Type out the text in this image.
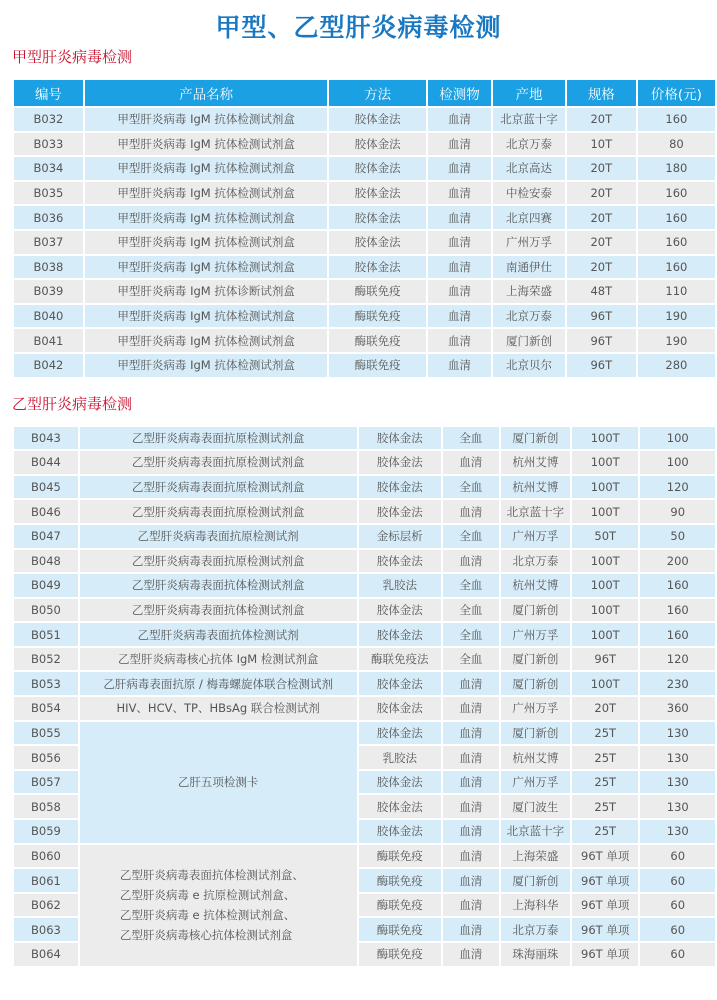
甲型、乙型肝炎病毒检测
甲型肝炎病毒检测
编号	产品名称	方法	检测物	产地	规格	价格(元)
B032	甲型肝炎病毒 IgM 抗体检测试剂盒	胶体金法	血清	北京蓝十字	20T	160
B033	甲型肝炎病毒 IgM 抗体检测试剂盒	胶体金法	血清	北京万泰	10T	80
B034	甲型肝炎病毒 IgM 抗体检测试剂盒	胶体金法	血清	北京高达	20T	180
B035	甲型肝炎病毒 IgM 抗体检测试剂盒	胶体金法	血清	中检安泰	20T	160
B036	甲型肝炎病毒 IgM 抗体检测试剂盒	胶体金法	血清	北京四赛	20T	160
B037	甲型肝炎病毒 IgM 抗体检测试剂盒	胶体金法	血清	广州万孚	20T	160
B038	甲型肝炎病毒 IgM 抗体检测试剂盒	胶体金法	血清	南通伊仕	20T	160
B039	甲型肝炎病毒 IgM 抗体诊断试剂盒	酶联免疫	血清	上海荣盛	48T	110
B040	甲型肝炎病毒 IgM 抗体检测试剂盒	酶联免疫	血清	北京万泰	96T	190
B041	甲型肝炎病毒 IgM 抗体检测试剂盒	酶联免疫	血清	厦门新创	96T	190
B042	甲型肝炎病毒 IgM 抗体检测试剂盒	酶联免疫	血清	北京贝尔	96T	280
乙型肝炎病毒检测
B043	乙型肝炎病毒表面抗原检测试剂盒	胶体金法	全血	厦门新创	100T	100
B044	乙型肝炎病毒表面抗原检测试剂盒	胶体金法	血清	杭州艾博	100T	100
B045	乙型肝炎病毒表面抗原检测试剂盒	胶体金法	全血	杭州艾博	100T	120
B046	乙型肝炎病毒表面抗原检测试剂盒	胶体金法	血清	北京蓝十字	100T	90
B047	乙型肝炎病毒表面抗原检测试剂	金标层析	全血	广州万孚	50T	50
B048	乙型肝炎病毒表面抗原检测试剂盒	胶体金法	血清	北京万泰	100T	200
B049	乙型肝炎病毒表面抗体检测试剂盒	乳胶法	全血	杭州艾博	100T	160
B050	乙型肝炎病毒表面抗体检测试剂盒	胶体金法	全血	厦门新创	100T	160
B051	乙型肝炎病毒表面抗体检测试剂	胶体金法	全血	广州万孚	100T	160
B052	乙型肝炎病毒核心抗体 IgM 检测试剂盒	酶联免疫法	全血	厦门新创	96T	120
B053	乙肝病毒表面抗原 / 梅毒螺旋体联合检测试剂	胶体金法	血清	厦门新创	100T	230
B054	HIV、HCV、TP、HBsAg 联合检测试剂	胶体金法	血清	广州万孚	20T	360
B055	乙肝五项检测卡	胶体金法	血清	厦门新创	25T	130
B056		乳胶法	血清	杭州艾博	25T	130
B057		胶体金法	血清	广州万孚	25T	130
B058		胶体金法	血清	厦门波生	25T	130
B059		胶体金法	血清	北京蓝十字	25T	130
B060	乙型肝炎病毒表面抗体检测试剂盒、
乙型肝炎病毒 e 抗原检测试剂盒、
乙型肝炎病毒 e 抗体检测试剂盒、
乙型肝炎病毒核心抗体检测试剂盒	酶联免疫	血清	上海荣盛	96T 单项	60
B061		酶联免疫	血清	厦门新创	96T 单项	60
B062		酶联免疫	血清	上海科华	96T 单项	60
B063		酶联免疫	血清	北京万泰	96T 单项	60
B064		酶联免疫	血清	珠海丽珠	96T 单项	60
